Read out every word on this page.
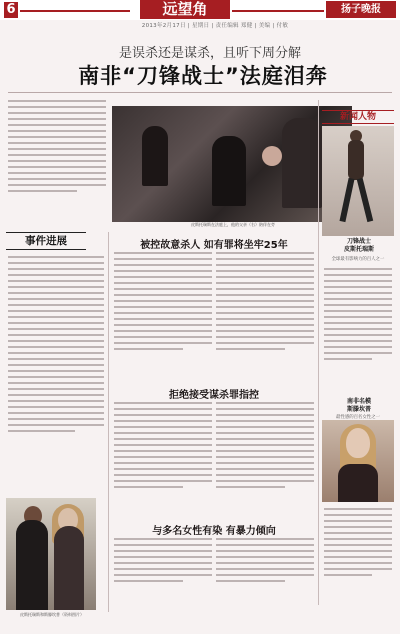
6	远望角	扬子晚报
2013年2月17日 | 星期日 | 责任编辑 郑健 | 美编 | 付敏
是误杀还是谋杀，且听下周分解
南非“刀锋战士”法庭泪奔
皮斯托瑞斯在法庭上，他的父亲（右）陪伴在旁
新闻人物
刀锋战士
皮斯托瑞斯
全球最有影响力的百人之一
南非名模
斯滕坎普
最性感的百名女性之一
事件进展	被控故意杀人 如有罪将坐牢25年
拒绝接受谋杀罪指控
与多名女性有染 有暴力倾向
皮斯托瑞斯和斯滕坎普（资料图片）
